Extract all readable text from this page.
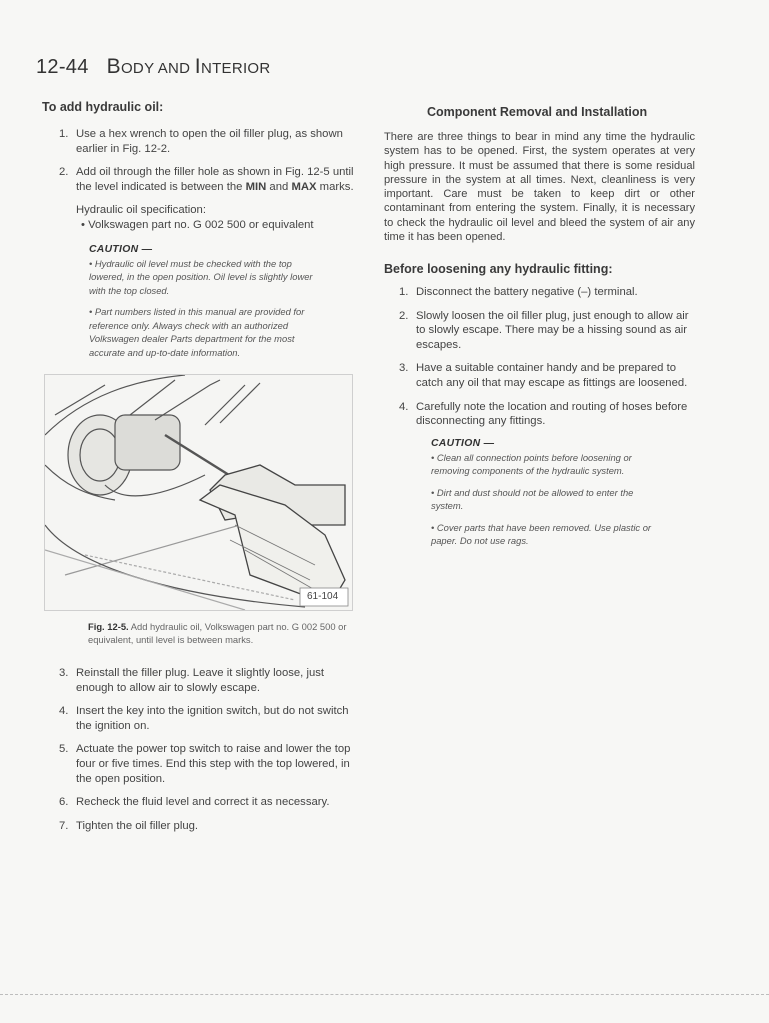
12-44 BODY AND INTERIOR
To add hydraulic oil:
1. Use a hex wrench to open the oil filler plug, as shown earlier in Fig. 12-2.
2. Add oil through the filler hole as shown in Fig. 12-5 until the level indicated is between the MIN and MAX marks.
Hydraulic oil specification:
• Volkswagen part no. G 002 500 or equivalent
CAUTION —

• Hydraulic oil level must be checked with the top lowered, in the open position. Oil level is slightly lower with the top closed.

• Part numbers listed in this manual are provided for reference only. Always check with an authorized Volkswagen dealer Parts department for the most accurate and up-to-date information.

61-104
Fig. 12-5. Add hydraulic oil, Volkswagen part no. G 002 500 or equivalent, until level is between marks.
3. Reinstall the filler plug. Leave it slightly loose, just enough to allow air to slowly escape.
4. Insert the key into the ignition switch, but do not switch the ignition on.
5. Actuate the power top switch to raise and lower the top four or five times. End this step with the top lowered, in the open position.
6. Recheck the fluid level and correct it as necessary.
7. Tighten the oil filler plug.
Component Removal and Installation
There are three things to bear in mind any time the hydraulic system has to be opened. First, the system operates at very high pressure. It must be assumed that there is some residual pressure in the system at all times. Next, cleanliness is very important. Care must be taken to keep dirt or other contaminant from entering the system. Finally, it is necessary to check the hydraulic oil level and bleed the system of air any time it has been opened.
Before loosening any hydraulic fitting:
1. Disconnect the battery negative (–) terminal.
2. Slowly loosen the oil filler plug, just enough to allow air to slowly escape. There may be a hissing sound as air escapes.
3. Have a suitable container handy and be prepared to catch any oil that may escape as fittings are loosened.
4. Carefully note the location and routing of hoses before disconnecting any fittings.
CAUTION —

• Clean all connection points before loosening or removing components of the hydraulic system.

• Dirt and dust should not be allowed to enter the system.

• Cover parts that have been removed. Use plastic or paper. Do not use rags.
